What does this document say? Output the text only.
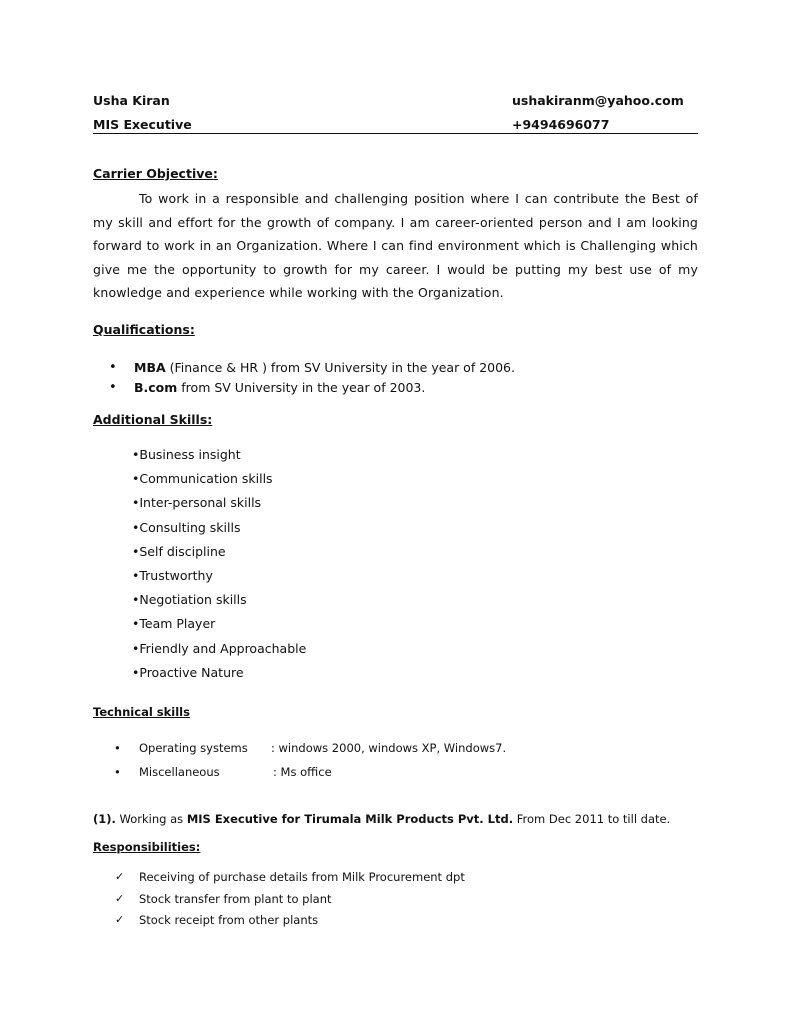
Usha Kiran	ushakiranm@yahoo.com
MIS Executive	+9494696077
Carrier Objective:
To work in a responsible and challenging position where I can contribute the Best of my skill and effort for the growth of company. I am career-oriented person and I am looking forward to work in an Organization. Where I can find environment which is Challenging which give me the opportunity to growth for my career. I would be putting my best use of my knowledge and experience while working with the Organization.
Qualifications:
• MBA (Finance & HR ) from SV University in the year of 2006.
• B.com from SV University in the year of 2003.
Additional Skills:
•Business insight
•Communication skills
•Inter-personal skills
•Consulting skills
•Self discipline
•Trustworthy
•Negotiation skills
•Team Player
•Friendly and Approachable
•Proactive Nature
Technical skills
• Operating systems : windows 2000, windows XP, Windows7.
• Miscellaneous	: Ms office
(1). Working as MIS Executive for Tirumala Milk Products Pvt. Ltd. From Dec 2011 to till date.
Responsibilities:
✓ Receiving of purchase details from Milk Procurement dpt
✓ Stock transfer from plant to plant
✓ Stock receipt from other plants
